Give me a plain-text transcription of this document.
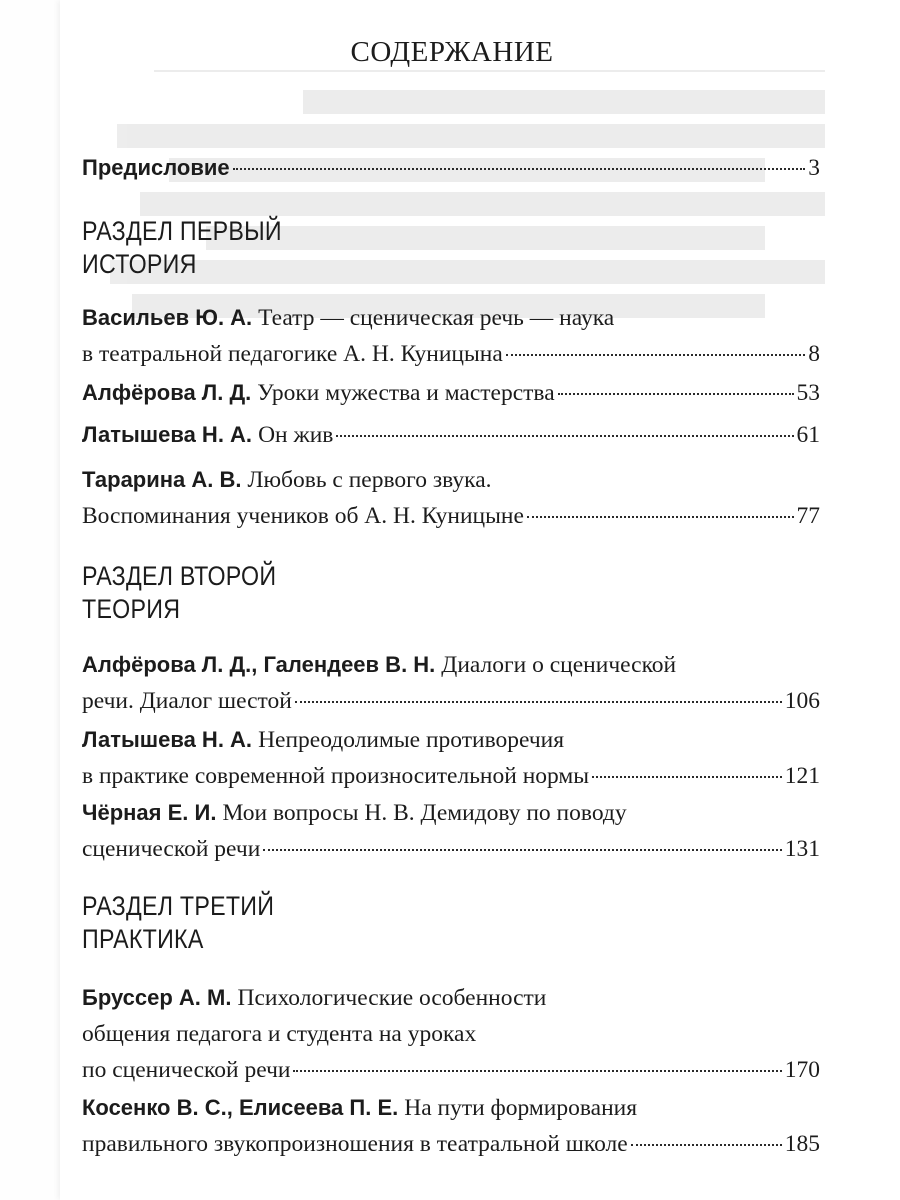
СОДЕРЖАНИЕ
Предисловие	3
РАЗДЕЛ ПЕРВЫЙ
ИСТОРИЯ
Васильев Ю. А. Театр — сценическая речь — наука
в театральной педагогике А. Н. Куницына	8
Алфёрова Л. Д. Уроки мужества и мастерства	53
Латышева Н. А. Он жив	61
Тарарина А. В. Любовь с первого звука.
Воспоминания учеников об А. Н. Куницыне	77
РАЗДЕЛ ВТОРОЙ
ТЕОРИЯ
Алфёрова Л. Д., Галендеев В. Н. Диалоги о сценической
речи. Диалог шестой	106
Латышева Н. А. Непреодолимые противоречия
в практике современной произносительной нормы	121
Чёрная Е. И. Мои вопросы Н. В. Демидову по поводу
сценической речи	131
РАЗДЕЛ ТРЕТИЙ
ПРАКТИКА
Бруссер А. М. Психологические особенности
общения педагога и студента на уроках
по сценической речи	170
Косенко В. С., Елисеева П. Е. На пути формирования
правильного звукопроизношения в театральной школе	185
